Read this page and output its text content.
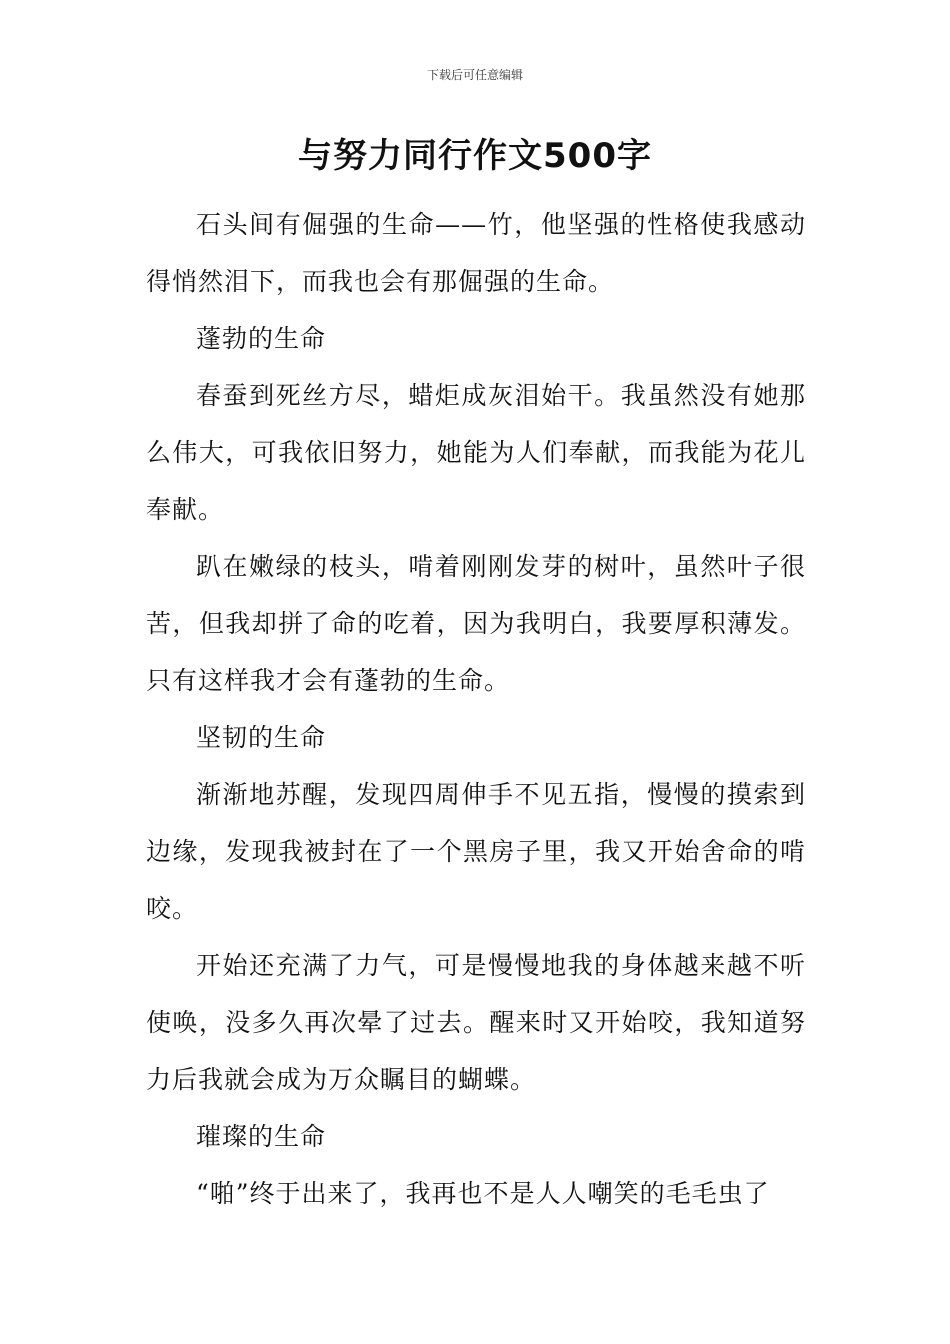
下载后可任意编辑
与努力同行作文500字

石头间有倔强的生命——竹，他坚强的性格使我感动得悄然泪下，而我也会有那倔强的生命。

蓬勃的生命

春蚕到死丝方尽，蜡炬成灰泪始干。我虽然没有她那么伟大，可我依旧努力，她能为人们奉献，而我能为花儿奉献。

趴在嫩绿的枝头，啃着刚刚发芽的树叶，虽然叶子很苦，但我却拼了命的吃着，因为我明白，我要厚积薄发。只有这样我才会有蓬勃的生命。

坚韧的生命

渐渐地苏醒，发现四周伸手不见五指，慢慢的摸索到边缘，发现我被封在了一个黑房子里，我又开始舍命的啃咬。

开始还充满了力气，可是慢慢地我的身体越来越不听使唤，没多久再次晕了过去。醒来时又开始咬，我知道努力后我就会成为万众瞩目的蝴蝶。

璀璨的生命

“啪”终于出来了，我再也不是人人嘲笑的毛毛虫了
